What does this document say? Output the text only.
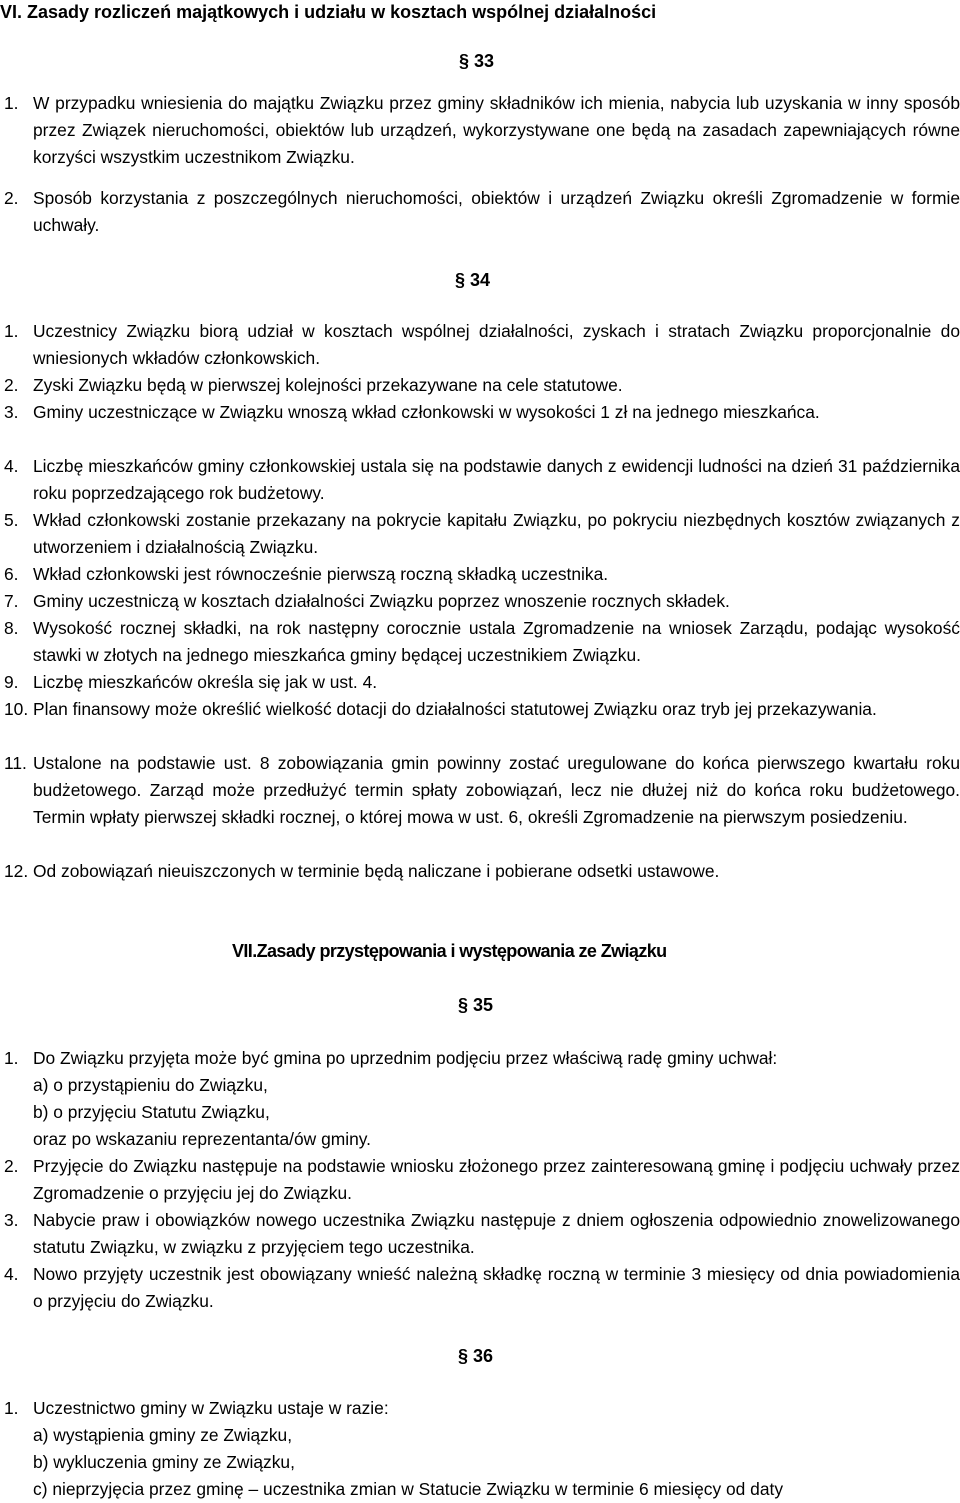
VI. Zasady rozliczeń majątkowych i udziału w kosztach wspólnej działalności
§ 33
1. W przypadku wniesienia do majątku Związku przez gminy składników ich mienia, nabycia lub uzyskania w inny sposób przez Związek nieruchomości, obiektów lub urządzeń, wykorzystywane one będą na zasadach zapewniających równe korzyści wszystkim uczestnikom Związku.
2. Sposób korzystania z poszczególnych nieruchomości, obiektów i urządzeń Związku określi Zgromadzenie w formie uchwały.
§ 34
1. Uczestnicy Związku biorą udział w kosztach wspólnej działalności, zyskach i stratach Związku proporcjonalnie do wniesionych wkładów członkowskich.
2. Zyski Związku będą w pierwszej kolejności przekazywane na cele statutowe.
3. Gminy uczestniczące w Związku wnoszą wkład członkowski w wysokości 1 zł na jednego mieszkańca.
4. Liczbę mieszkańców gminy członkowskiej ustala się na podstawie danych z ewidencji ludności na dzień 31 października roku poprzedzającego rok budżetowy.
5. Wkład członkowski zostanie przekazany na pokrycie kapitału Związku, po pokryciu niezbędnych kosztów związanych z utworzeniem i działalnością Związku.
6. Wkład członkowski jest równocześnie pierwszą roczną składką uczestnika.
7. Gminy uczestniczą w kosztach działalności Związku poprzez wnoszenie rocznych składek.
8. Wysokość rocznej składki, na rok następny corocznie ustala Zgromadzenie na wniosek Zarządu, podając wysokość stawki w złotych na jednego mieszkańca gminy będącej uczestnikiem Związku.
9. Liczbę mieszkańców określa się jak w ust. 4.
10. Plan finansowy może określić wielkość dotacji do działalności statutowej Związku oraz tryb jej przekazywania.
11. Ustalone na podstawie ust. 8 zobowiązania gmin powinny zostać uregulowane do końca pierwszego kwartału roku budżetowego. Zarząd może przedłużyć termin spłaty zobowiązań, lecz nie dłużej niż do końca roku budżetowego. Termin wpłaty pierwszej składki rocznej, o której mowa w ust. 6, określi Zgromadzenie na pierwszym posiedzeniu.
12. Od zobowiązań nieuiszczonych w terminie będą naliczane i pobierane odsetki ustawowe.
VII.Zasady przystępowania i występowania ze Związku
§ 35
1. Do Związku przyjęta może być gmina po uprzednim podjęciu przez właściwą radę gminy uchwał:
a) o przystąpieniu do Związku,
b) o przyjęciu Statutu Związku,
oraz po wskazaniu reprezentanta/ów gminy.
2. Przyjęcie do Związku następuje na podstawie wniosku złożonego przez zainteresowaną gminę i podjęciu uchwały przez Zgromadzenie o przyjęciu jej do Związku.
3. Nabycie praw i obowiązków nowego uczestnika Związku następuje z dniem ogłoszenia odpowiednio znowelizowanego statutu Związku, w związku z przyjęciem tego uczestnika.
4. Nowo przyjęty uczestnik jest obowiązany wnieść należną składkę roczną w terminie 3 miesięcy od dnia powiadomienia o przyjęciu do Związku.
§ 36
1. Uczestnictwo gminy w Związku ustaje w razie:
a) wystąpienia gminy ze Związku,
b) wykluczenia gminy ze Związku,
c) nieprzyjęcia przez gminę – uczestnika zmian w Statucie Związku w terminie 6 miesięcy od daty
